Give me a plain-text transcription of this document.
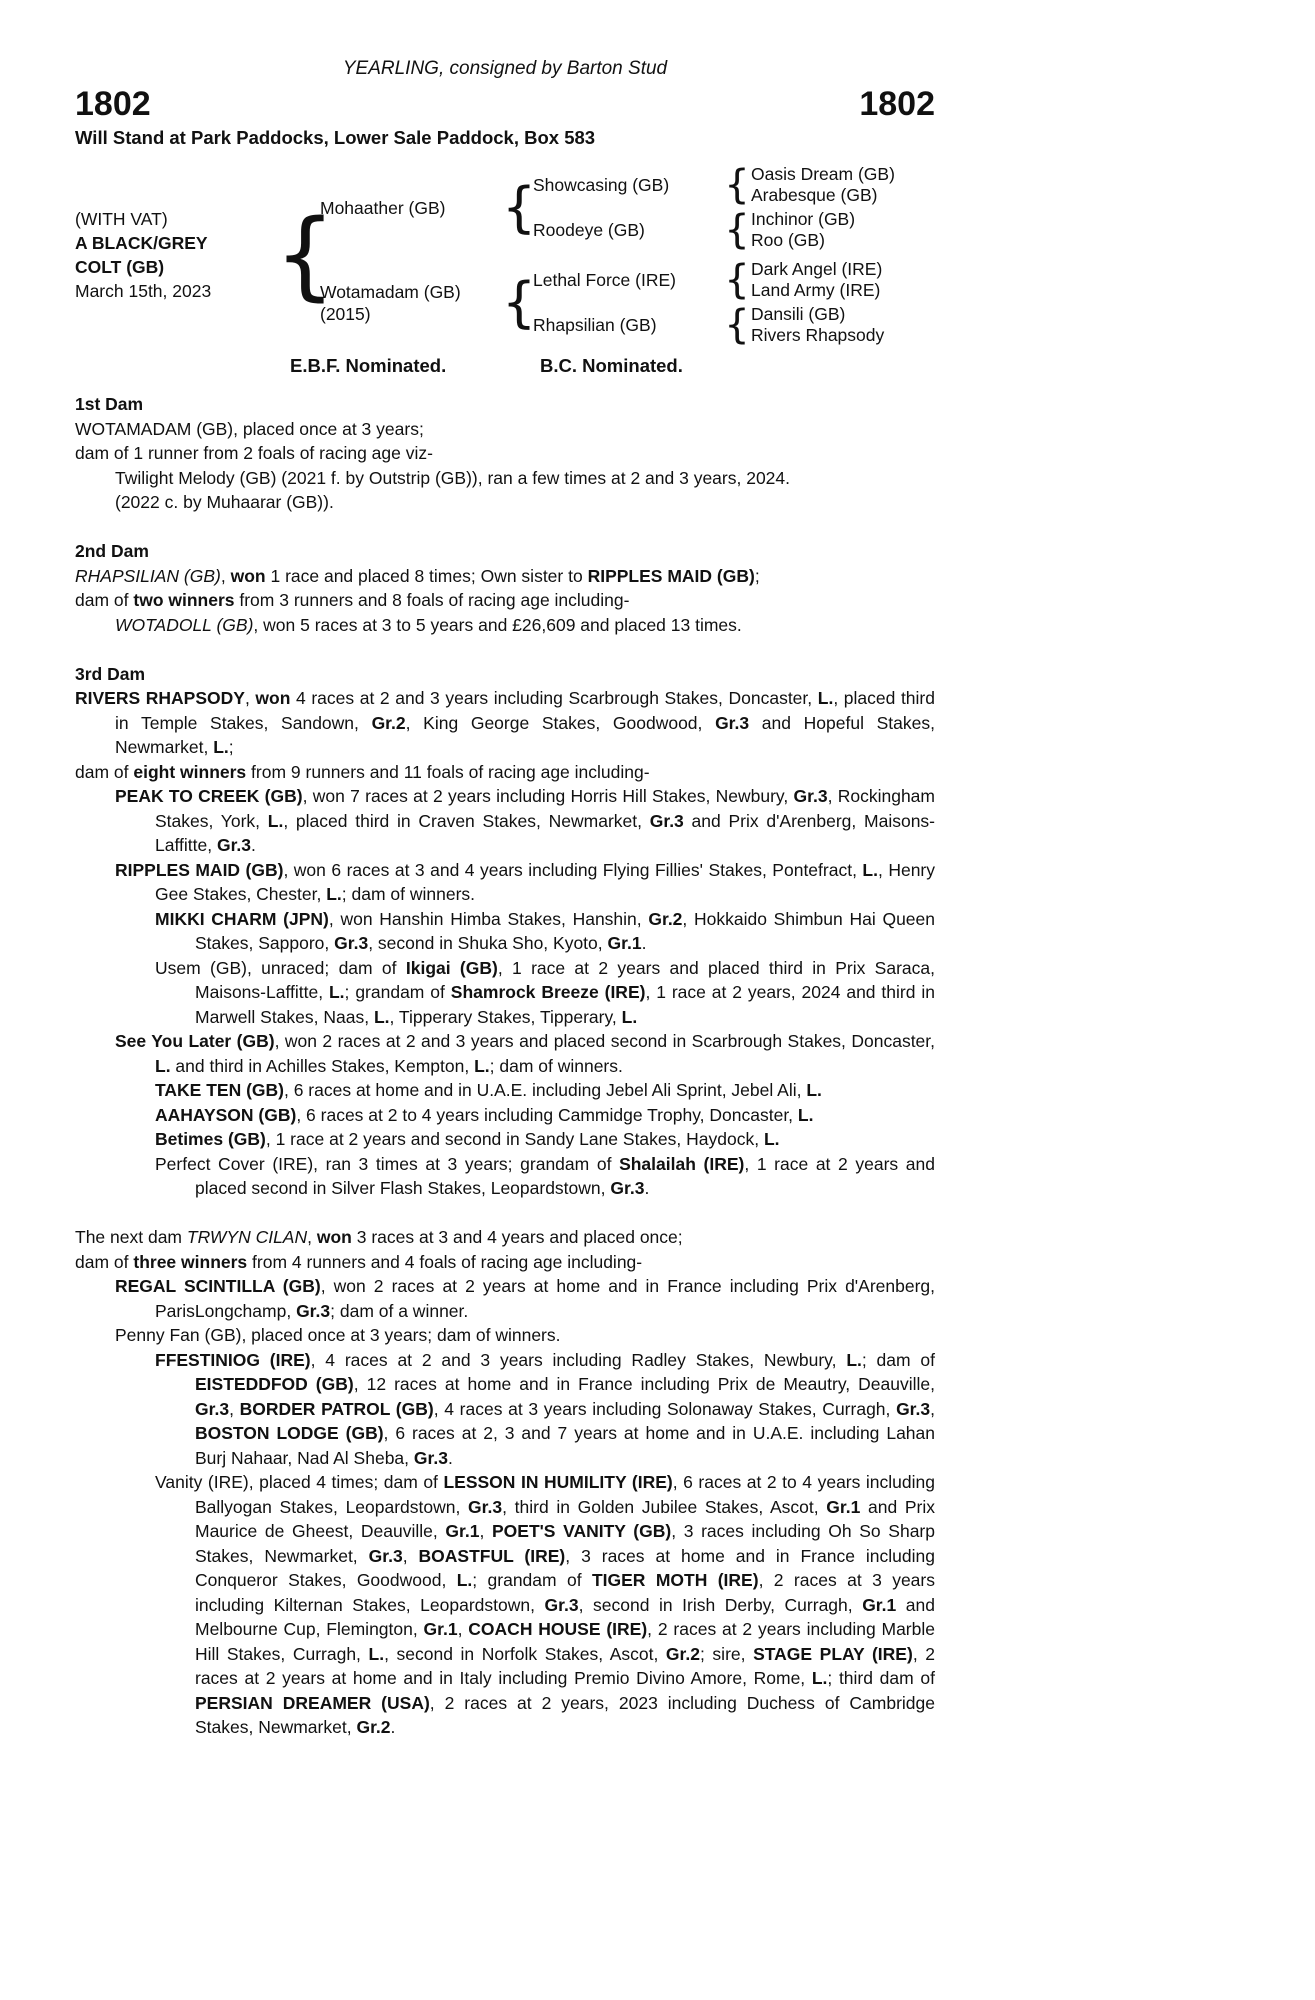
YEARLING, consigned by Barton Stud
1802	1802
Will Stand at Park Paddocks, Lower Sale Paddock, Box 583
(WITH VAT)
A BLACK/GREY COLT (GB)
March 15th, 2023 {
Mohaather (GB)	{
Showcasing (GB)	{ Oasis Dream (GB)
Arabesque (GB)
Roodeye (GB)	{ Inchinor (GB)
Roo (GB)
Wotamadam (GB)
(2015)	{
Lethal Force (IRE)	{ Dark Angel (IRE)
Land Army (IRE)
Rhapsilian (GB)	{ Dansili (GB)
Rivers Rhapsody
E.B.F. Nominated.	B.C. Nominated.
1st Dam

WOTAMADAM (GB), placed once at 3 years;

dam of 1 runner from 2 foals of racing age viz-

Twilight Melody (GB) (2021 f. by Outstrip (GB)), ran a few times at 2 and 3 years, 2024.

(2022 c. by Muhaarar (GB)).

2nd Dam

RHAPSILIAN (GB), won 1 race and placed 8 times; Own sister to RIPPLES MAID (GB);

dam of two winners from 3 runners and 8 foals of racing age including-

WOTADOLL (GB), won 5 races at 3 to 5 years and £26,609 and placed 13 times.

3rd Dam

RIVERS RHAPSODY, won 4 races at 2 and 3 years including Scarbrough Stakes, Doncaster, L., placed third in Temple Stakes, Sandown, Gr.2, King George Stakes, Goodwood, Gr.3 and Hopeful Stakes, Newmarket, L.;

dam of eight winners from 9 runners and 11 foals of racing age including-

PEAK TO CREEK (GB), won 7 races at 2 years including Horris Hill Stakes, Newbury, Gr.3, Rockingham Stakes, York, L., placed third in Craven Stakes, Newmarket, Gr.3 and Prix d'Arenberg, Maisons-Laffitte, Gr.3.

RIPPLES MAID (GB), won 6 races at 3 and 4 years including Flying Fillies' Stakes, Pontefract, L., Henry Gee Stakes, Chester, L.; dam of winners.

MIKKI CHARM (JPN), won Hanshin Himba Stakes, Hanshin, Gr.2, Hokkaido Shimbun Hai Queen Stakes, Sapporo, Gr.3, second in Shuka Sho, Kyoto, Gr.1.

Usem (GB), unraced; dam of Ikigai (GB), 1 race at 2 years and placed third in Prix Saraca, Maisons-Laffitte, L.; grandam of Shamrock Breeze (IRE), 1 race at 2 years, 2024 and third in Marwell Stakes, Naas, L., Tipperary Stakes, Tipperary, L.

See You Later (GB), won 2 races at 2 and 3 years and placed second in Scarbrough Stakes, Doncaster, L. and third in Achilles Stakes, Kempton, L.; dam of winners.

TAKE TEN (GB), 6 races at home and in U.A.E. including Jebel Ali Sprint, Jebel Ali, L.

AAHAYSON (GB), 6 races at 2 to 4 years including Cammidge Trophy, Doncaster, L.

Betimes (GB), 1 race at 2 years and second in Sandy Lane Stakes, Haydock, L.

Perfect Cover (IRE), ran 3 times at 3 years; grandam of Shalailah (IRE), 1 race at 2 years and placed second in Silver Flash Stakes, Leopardstown, Gr.3.

The next dam TRWYN CILAN, won 3 races at 3 and 4 years and placed once;

dam of three winners from 4 runners and 4 foals of racing age including-

REGAL SCINTILLA (GB), won 2 races at 2 years at home and in France including Prix d'Arenberg, ParisLongchamp, Gr.3; dam of a winner.

Penny Fan (GB), placed once at 3 years; dam of winners.

FFESTINIOG (IRE), 4 races at 2 and 3 years including Radley Stakes, Newbury, L.; dam of EISTEDDFOD (GB), 12 races at home and in France including Prix de Meautry, Deauville, Gr.3, BORDER PATROL (GB), 4 races at 3 years including Solonaway Stakes, Curragh, Gr.3, BOSTON LODGE (GB), 6 races at 2, 3 and 7 years at home and in U.A.E. including Lahan Burj Nahaar, Nad Al Sheba, Gr.3.

Vanity (IRE), placed 4 times; dam of LESSON IN HUMILITY (IRE), 6 races at 2 to 4 years including Ballyogan Stakes, Leopardstown, Gr.3, third in Golden Jubilee Stakes, Ascot, Gr.1 and Prix Maurice de Gheest, Deauville, Gr.1, POET'S VANITY (GB), 3 races including Oh So Sharp Stakes, Newmarket, Gr.3, BOASTFUL (IRE), 3 races at home and in France including Conqueror Stakes, Goodwood, L.; grandam of TIGER MOTH (IRE), 2 races at 3 years including Kilternan Stakes, Leopardstown, Gr.3, second in Irish Derby, Curragh, Gr.1 and Melbourne Cup, Flemington, Gr.1, COACH HOUSE (IRE), 2 races at 2 years including Marble Hill Stakes, Curragh, L., second in Norfolk Stakes, Ascot, Gr.2; sire, STAGE PLAY (IRE), 2 races at 2 years at home and in Italy including Premio Divino Amore, Rome, L.; third dam of PERSIAN DREAMER (USA), 2 races at 2 years, 2023 including Duchess of Cambridge Stakes, Newmarket, Gr.2.
